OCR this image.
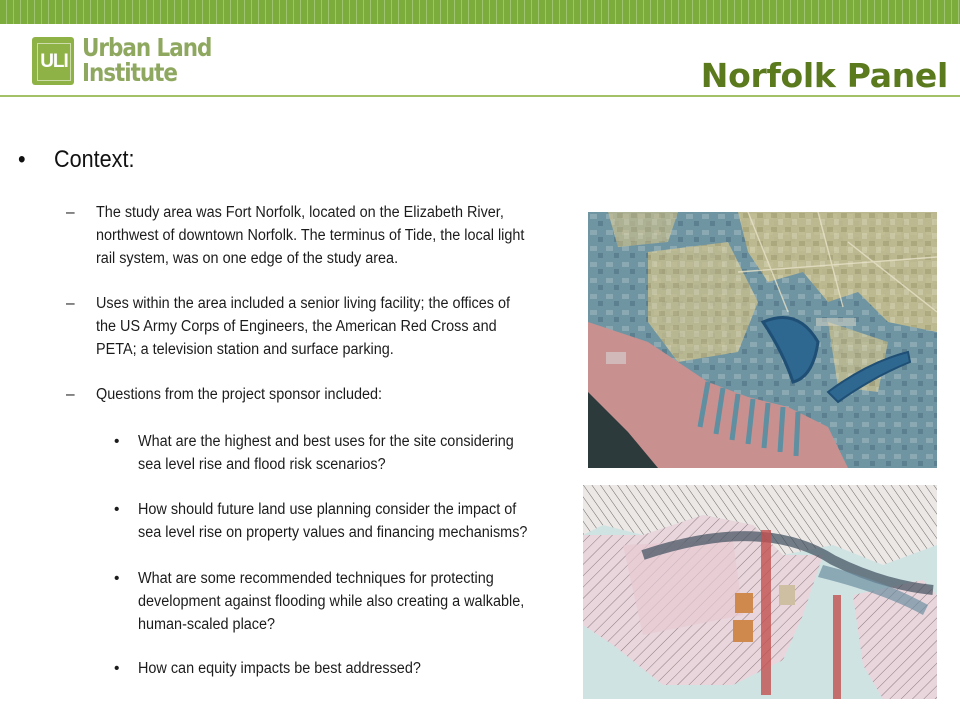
ULI Urban Land Institute	Norfolk Panel
• Context:
– The study area was Fort Norfolk, located on the Elizabeth River, northwest of downtown Norfolk. The terminus of Tide, the local light rail system, was on one edge of the study area.
– Uses within the area included a senior living facility; the offices of the US Army Corps of Engineers, the American Red Cross and PETA; a television station and surface parking.
– Questions from the project sponsor included:
• What are the highest and best uses for the site considering sea level rise and flood risk scenarios?
• How should future land use planning consider the impact of sea level rise on property values and financing mechanisms?
• What are some recommended techniques for protecting development against flooding while also creating a walkable, human-scaled place?
• How can equity impacts be best addressed?
